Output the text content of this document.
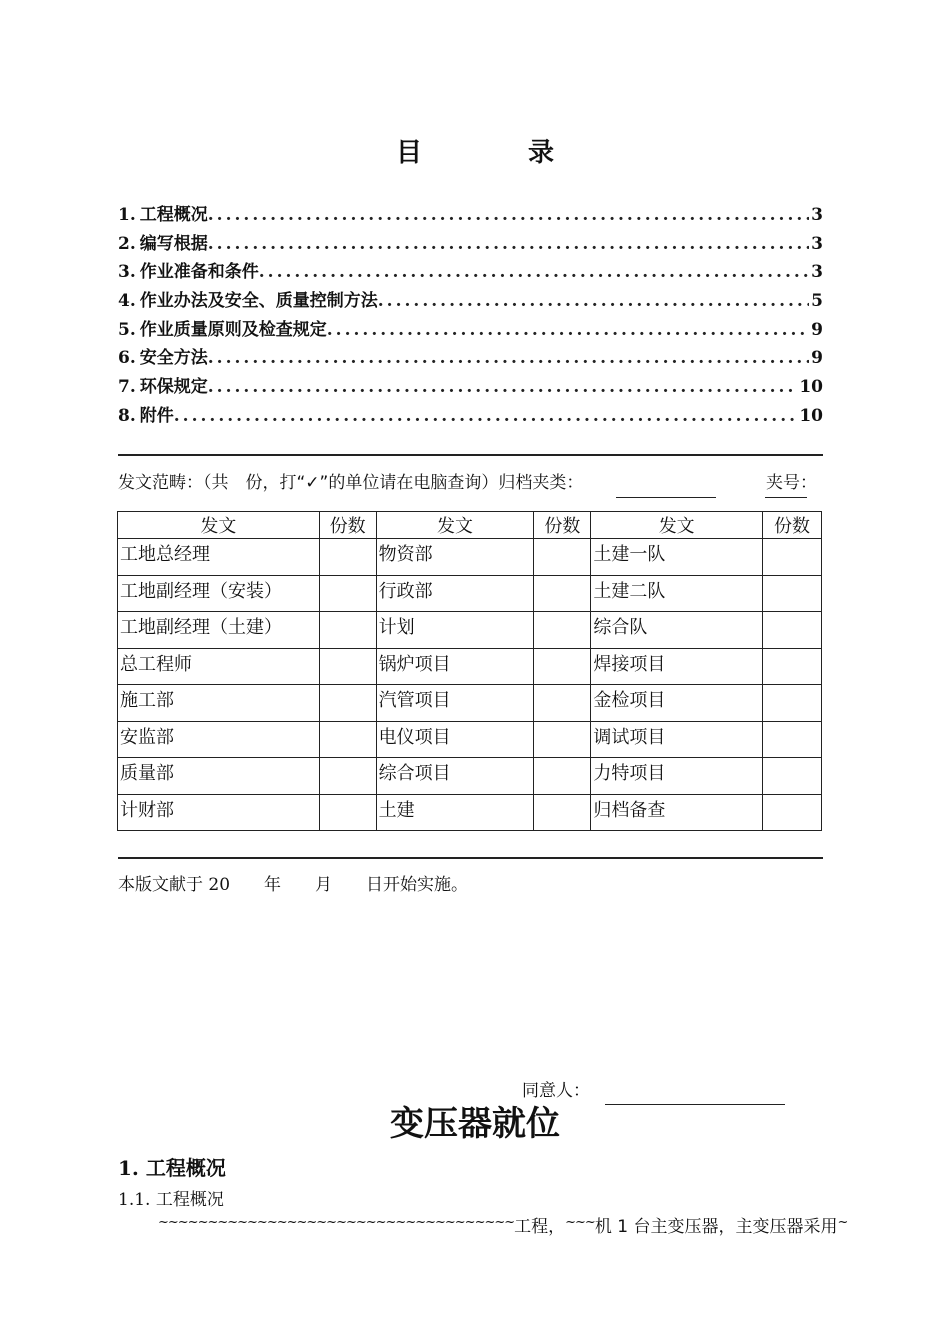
目　录
1. 工程概况 .....	3
2. 编写根据 .....	3
3. 作业准备和条件 .....	3
4. 作业办法及安全、质量控制方法 .....	5
5. 作业质量原则及检查规定 .....	9
6. 安全方法 .....	9
7. 环保规定 .....	10
8. 附件 .....	10
发文范畴：（共　份，打“✓”的单位请在电脑查询）归档夹类：	夹号：
发文	份数	发文	份数	发文	份数
工地总经理		物资部		土建一队	
工地副经理（安装）		行政部		土建二队	
工地副经理（土建）		计划		综合队	
总工程师		锅炉项目		焊接项目	
施工部		汽管项目		金检项目	
安监部		电仪项目		调试项目	
质量部		综合项目		力特项目	
计财部		土建		归档备查	
本版文献于 20　　年　　月　　日开始实施。
同意人：
变压器就位
1. 工程概况
1.1. 工程概况
~~~~~~~~~~~~~~~~~~~~~~~~~~~~~~~~~~~~工程，~~~机 1 台主变压器，主变压器采用~
